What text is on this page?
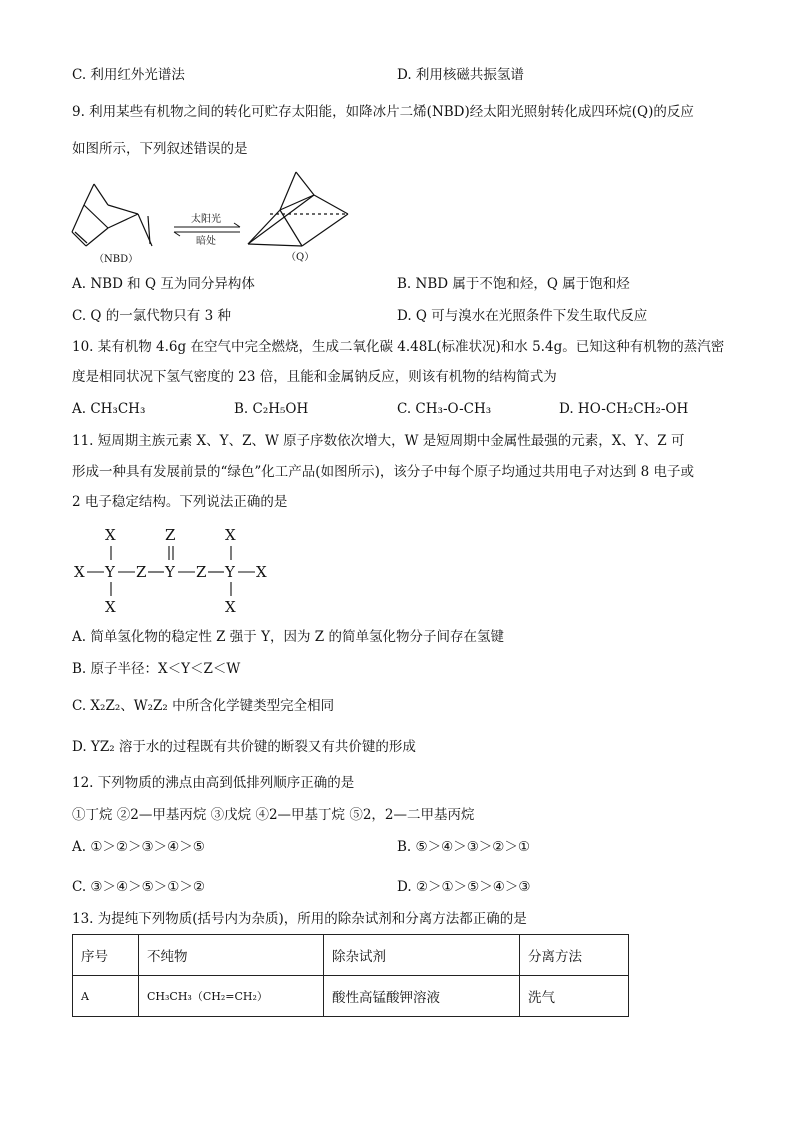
C. 利用红外光谱法	D. 利用核磁共振氢谱
9. 利用某些有机物之间的转化可贮存太阳能，如降冰片二烯(NBD)经太阳光照射转化成四环烷(Q)的反应
如图所示，下列叙述错误的是
（NBD）
太阳光
暗处
（Q）
A. NBD 和 Q 互为同分异构体	B. NBD 属于不饱和烃，Q 属于饱和烃
C. Q 的一氯代物只有 3 种	D. Q 可与溴水在光照条件下发生取代反应
10. 某有机物 4.6g 在空气中完全燃烧，生成二氧化碳 4.48L(标准状况)和水 5.4g。已知这种有机物的蒸汽密
度是相同状况下氢气密度的 23 倍，且能和金属钠反应，则该有机物的结构简式为
A. CH₃CH₃	B. C₂H₅OH	C. CH₃-O-CH₃	D. HO-CH₂CH₂-OH
11. 短周期主族元素 X、Y、Z、W 原子序数依次增大，W 是短周期中金属性最强的元素，X、Y、Z 可
形成一种具有发展前景的“绿色”化工产品(如图所示)，该分子中每个原子均通过共用电子对达到 8 电子或
2 电子稳定结构。下列说法正确的是
X	Z	X
X Y Z Y Z Y X
X	X
A. 简单氢化物的稳定性 Z 强于 Y，因为 Z 的简单氢化物分子间存在氢键
B. 原子半径：X＜Y＜Z＜W
C. X₂Z₂、W₂Z₂ 中所含化学键类型完全相同
D. YZ₂ 溶于水的过程既有共价键的断裂又有共价键的形成
12. 下列物质的沸点由高到低排列顺序正确的是
①丁烷 ②2—甲基丙烷 ③戊烷 ④2—甲基丁烷 ⑤2，2—二甲基丙烷
A. ①＞②＞③＞④＞⑤	B. ⑤＞④＞③＞②＞①
C. ③＞④＞⑤＞①＞②	D. ②＞①＞⑤＞④＞③
13. 为提纯下列物质(括号内为杂质)，所用的除杂试剂和分离方法都正确的是
序号	不纯物	除杂试剂	分离方法
A	CH₃CH₃（CH₂=CH₂）	酸性高锰酸钾溶液	洗气
